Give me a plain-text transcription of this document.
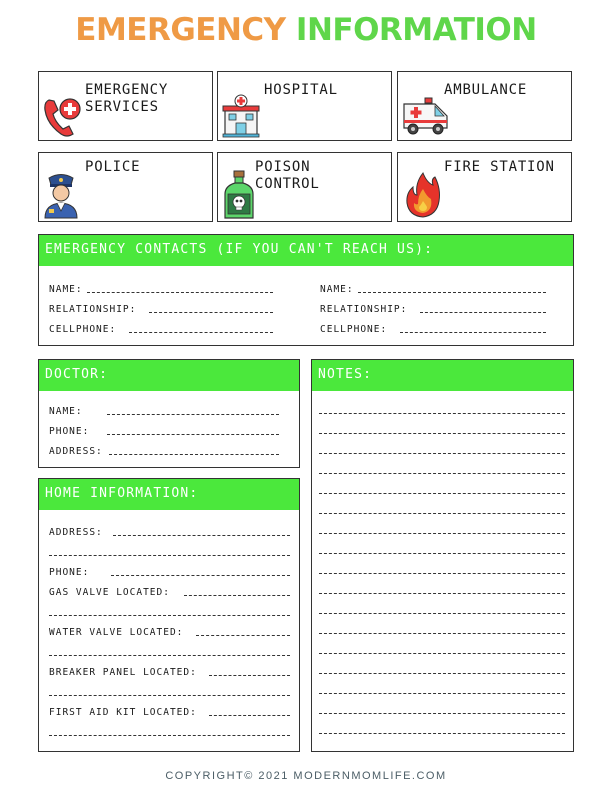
EMERGENCY INFORMATION
EMERGENCY
SERVICES
HOSPITAL	AMBULANCE
POLICE	POISON
CONTROL
FIRE STATION
EMERGENCY CONTACTS (IF YOU CAN'T REACH US):
NAME:
RELATIONSHIP:
CELLPHONE:
NAME:
RELATIONSHIP:
CELLPHONE:
DOCTOR:
NAME:
PHONE:
ADDRESS:
HOME INFORMATION:
ADDRESS:
PHONE:
GAS VALVE LOCATED:
WATER VALVE LOCATED:
BREAKER PANEL LOCATED:
FIRST AID KIT LOCATED:
NOTES:
COPYRIGHT© 2021 MODERNMOMLIFE.COM
